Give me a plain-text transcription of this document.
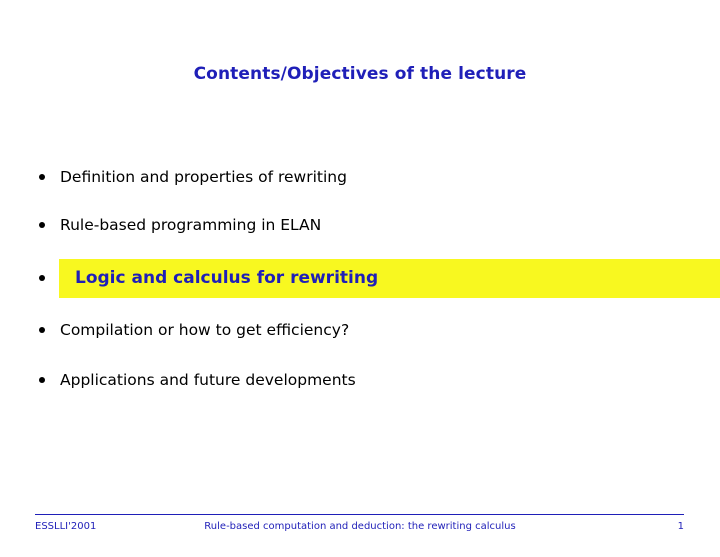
Contents/Objectives of the lecture
Definition and properties of rewriting
Rule-based programming in ELAN
Logic and calculus for rewriting
Compilation or how to get efficiency?
Applications and future developments
ESSLLI'2001	Rule-based computation and deduction: the rewriting calculus	1
